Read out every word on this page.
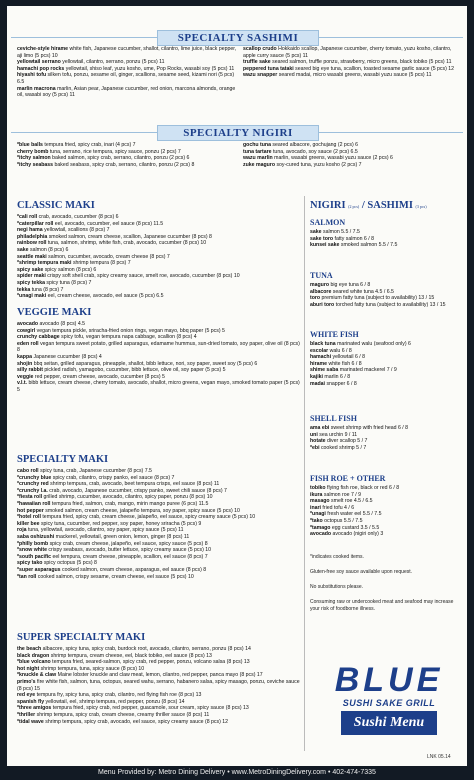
SPECIALTY SASHIMI

ceviche-style hirame white fish, Japanese cucumber, shallot, cilantro, lime juice, black pepper, aji limo (5 pcs) 10

yellowtail serrano yellowtail, cilantro, serrano, ponzu (5 pcs) 11

hamachi pop rocks yellowtail, shiso leaf, yuzu kosho, ume, Pop Rocks, wasabi soy (5 pcs) 11

hiyashi tofu silken tofu, ponzu, sesame oil, ginger, scallions, sesame seed, kizami nori (5 pcs) 6.5

marlin macrona marlin, Asian pear, Japanese cucumber, red onion, marcona almonds, orange oil, wasabi soy (5 pcs) 11

scallop crudo Hokkaido scallop, Japanese cucumber, cherry tomato, yuzu kosho, cilantro, apple curry sauce (5 pcs) 11

truffle sake seared salmon, truffle ponzu, strawberry, micro greens, black tobiko (5 pcs) 11

peppered tuna tataki seared big eye tuna, scallion, toasted sesame garlic sauce (5 pcs) 12

wazu snapper seared madai, micro wasabi greens, wasabi yuzu sauce (5 pcs) 11

SPECIALTY NIGIRI

*blue balls tempura fried, spicy crab, inari (4 pcs) 7

cherry bomb tuna, serrano, rice tempura, spicy sauce, ponzu (2 pcs) 7

*itchy salmon baked salmon, spicy crab, serrano, cilantro, ponzu (2 pcs) 6

*itchy seabass baked seabass, spicy crab, serrano, cilantro, ponzu (2 pcs) 8

gochu tuna seared albacore, gochujang (2 pcs) 6

tuna tartare tuna, avocado, soy sauce (2 pcs) 6.5

wazu marlin marlin, wasabi greens, wasabi yuzu sauce (2 pcs) 6

zuke maguro soy-cured tuna, yuzu kosho (2 pcs) 7

CLASSIC MAKI

*cali roll crab, avocado, cucumber (8 pcs) 6

*caterpillar roll eel, avocado, cucumber, eel sauce (8 pcs) 11.5

negi hama yellowtail, scallions (8 pcs) 7

philadelphia smoked salmon, cream cheese, scallion, Japanese cucumber (8 pcs) 8

rainbow roll tuna, salmon, shrimp, white fish, crab, avocado, cucumber (8 pcs) 10

sake salmon (8 pcs) 6

seattle maki salmon, cucumber, avocado, cream cheese (8 pcs) 7

*shrimp tempura maki shrimp tempura (8 pcs) 7

spicy sake spicy salmon (8 pcs) 6

spider maki crispy soft shell crab, spicy creamy sauce, smelt roe, avocado, cucumber (8 pcs) 10

spicy tekka spicy tuna (8 pcs) 7

tekka tuna (8 pcs) 7

*unagi maki eel, cream cheese, avocado, eel sauce (5 pcs) 6.5

VEGGIE MAKI

avocado avocado (8 pcs) 4.5

cowgirl vegan tempura pickle, sriracha-fried onion rings, vegan mayo, bbq paper (5 pcs) 5

crunchy cabbage spicy tofu, vegan tempura napa cabbage, scallion (8 pcs) 4

eden roll vegan tempura sweet potato, grilled asparagus, edamame hummus, sun-dried tomato, soy paper, olive oil (8 pcs) 8

kappa Japanese cucumber (8 pcs) 4

shojin bbq seitan, grilled asparagus, pineapple, shallot, bibb lettuce, nori, soy paper, sweet soy (5 pcs) 6

silly rabbit pickled radish, yamagobo, cucumber, bibb lettuce, olive oil, soy paper (5 pcs) 5

veggie red pepper, cream cheese, avocado, cucumber (8 pcs) 5

v.l.t. bibb lettuce, cream cheese, cherry tomato, avocado, shallot, micro greens, vegan mayo, smoked tomato paper (5 pcs) 5

SPECIALTY MAKI

cabo roll spicy tuna, crab, Japanese cucumber (8 pcs) 7.5

*crunchy blue spicy crab, cilantro, crispy panko, eel sauce (8 pcs) 7

*crunchy red shrimp tempura, crab, avocado, beet tempura crisps, eel sauce (8 pcs) 11

*crunchy l.a. crab, avocado, Japanese cucumber, crispy panko, sweet chili sauce (8 pcs) 7

*fiesta roll grilled shrimp, cucumber, avocado, cilantro, spicy paper, ponzu (8 pcs) 10

*hawaiian roll tempura fried, salmon, crab, mango, mirin mango puree (6 pcs) 11.5

hot pepper smoked salmon, cream cheese, jalapeño tempura, soy paper, spicy sauce (5 pcs) 10

*hotel roll tempura fried, spicy crab, cream cheese, jalapeño, eel sauce, spicy creamy sauce (5 pcs) 10

killer bee spicy tuna, cucumber, red pepper, soy paper, honey sriracha (5 pcs) 9

roja tuna, yellowtail, avocado, cilantro, soy paper, spicy sauce (5 pcs) 11

saba oshizushi mackerel, yellowtail, green onion, lemon, ginger (8 pcs) 11

*philly bomb spicy crab, cream cheese, jalapeño, eel sauce, spicy sauce (5 pcs) 8

*snow white crispy seabass, avocado, butter lettuce, spicy creamy sauce (5 pcs) 10

*south pacific eel tempura, cream cheese, pineapple, scallion, eel sauce (8 pcs) 7

spicy tako spicy octopus (5 pcs) 8

*super asparagus cooked salmon, cream cheese, asparagus, eel sauce (8 pcs) 8

*tan roll cooked salmon, crispy sesame, cream cheese, eel sauce (5 pcs) 10

SUPER SPECIALTY MAKI

the beach albacore, spicy tuna, spicy crab, burdock root, avocado, cilantro, serrano, ponzu (8 pcs) 14

black dragon shrimp tempura, cream cheese, eel, black tobiko, eel sauce (8 pcs) 13

*blue volcano tempura fried, seared-salmon, spicy crab, red pepper, ponzu, volcano salsa (8 pcs) 13

hot night shrimp tempura, tuna, spicy sauce (8 pcs) 10

*knuckle & claw Maine lobster knuckle and claw meat, lemon, cilantro, red pepper, panca mayo (8 pcs) 17

primo's fire white fish, salmon, tuna, octopus, seared wahu, serrano, habanero salsa, spicy masago, ponzu, ceviche sauce (8 pcs) 15

red eye tempura fry, spicy tuna, spicy crab, cilantro, red flying fish roe (8 pcs) 13

spanish fly yellowtail, eel, shrimp tempura, red pepper, ponzu (8 pcs) 14

*three amigos tempura fried, spicy crab, red pepper, guacamole, sour cream, spicy sauce (8 pcs) 13

*thriller shrimp tempura, spicy crab, cream cheese, creamy thriller sauce (8 pcs) 11

*tidal wave shrimp tempura, spicy crab, avocado, eel sauce, spicy creamy sauce (8 pcs) 12

NIGIRI (2 pcs) / SASHIMI (3 pcs)
SALMON

sake salmon 5.5 / 7.5

sake toro fatty salmon 6 / 8

kunsei sake smoked salmon 5.5 / 7.5

TUNA

maguro big eye tuna 6 / 8

albacore seared white tuna 4.5 / 6.5

toro premium fatty tuna (subject to availability) 13 / 15

aburi toro torched fatty tuna (subject to availability) 13 / 15

WHITE FISH

black tuna marinated walu (seafood only) 6

escolar walu 6 / 8

hamachi yellowtail 6 / 8

hirame white fish 6 / 8

shime saba marinated mackerel 7 / 9

kajiki marlin 6 / 8

madai snapper 6 / 8

SHELL FISH

ama ebi sweet shrimp with fried head 6 / 8

uni sea urchin 9 / 11

hotate diver scallop 5 / 7

*ebi cooked shrimp 5 / 7

FISH ROE + OTHER

tobiko flying fish roe, black or red 6 / 8

ikura salmon roe 7 / 9

masago smelt roe 4.5 / 6.5

inari fried tofu 4 / 6

*unagi fresh water eel 5.5 / 7.5

*tako octopus 5.5 / 7.5

*tamago egg custard 3.5 / 5.5

avocado avocado (nigiri only) 3

*indicates cooked items.
Gluten-free soy sauce available upon request.
No substitutions please.
Consuming raw or undercooked meat and seafood may increase your risk of foodborne illness.
BLUE
SUSHI SAKE GRILL
Sushi Menu
LNK 05.14
Menu Provided by: Metro Dining Delivery • www.MetroDiningDelivery.com • 402-474-7335
